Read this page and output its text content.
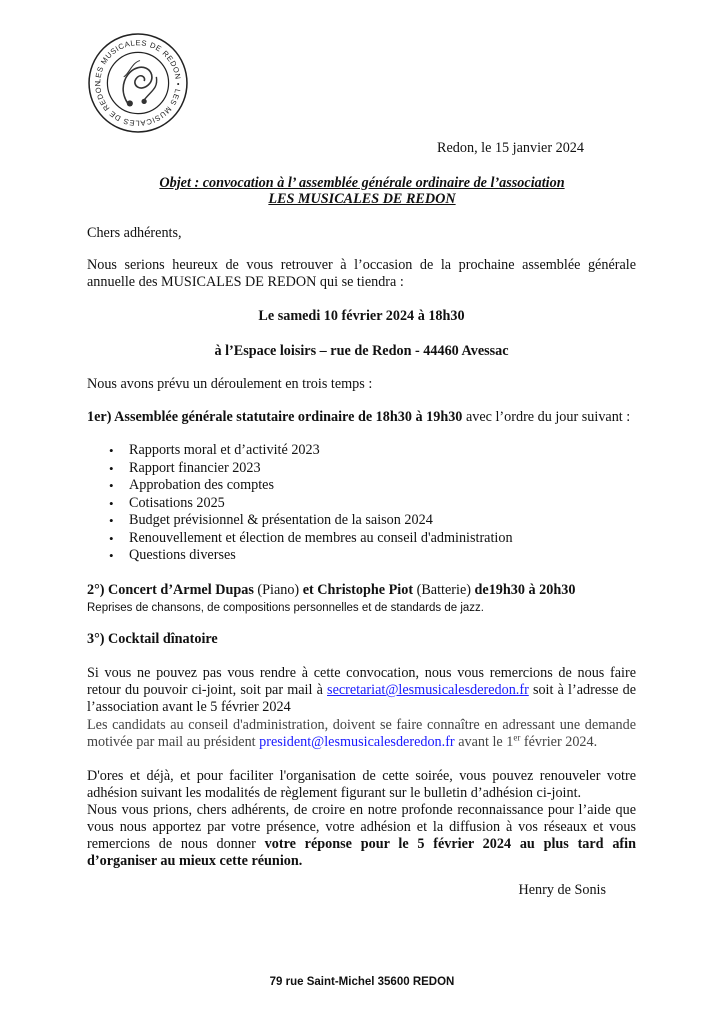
LES MUSICALES DE REDON • LES MUSICALES DE REDON
Redon, le 15 janvier 2024
Objet : convocation à l’ assemblée générale ordinaire de l’association
LES MUSICALES DE REDON
Chers adhérents,
Nous serions heureux de vous retrouver à l’occasion de la prochaine assemblée générale annuelle des MUSICALES DE REDON qui se tiendra :
Le samedi 10 février 2024 à 18h30
à l’Espace loisirs – rue de Redon - 44460 Avessac
Nous avons prévu un déroulement en trois temps :
1er) Assemblée générale statutaire ordinaire de 18h30 à 19h30 avec l’ordre du jour suivant :
• Rapports moral et d’activité 2023
• Rapport financier 2023
• Approbation des comptes
• Cotisations 2025
• Budget prévisionnel & présentation de la saison 2024
• Renouvellement et élection de membres au conseil d'administration
• Questions diverses
2°) Concert d’Armel Dupas (Piano) et Christophe Piot (Batterie) de19h30 à 20h30
Reprises de chansons, de compositions personnelles et de standards de jazz.
3°) Cocktail dînatoire
Si vous ne pouvez pas vous rendre à cette convocation, nous vous remercions de nous faire retour du pouvoir ci-joint, soit par mail à secretariat@lesmusicalesderedon.fr soit à l’adresse de l’association avant le 5 février 2024
Les candidats au conseil d'administration, doivent se faire connaître en adressant une demande motivée par mail au président president@lesmusicalesderedon.fr avant le 1er février 2024.
D'ores et déjà, et pour faciliter l'organisation de cette soirée, vous pouvez renouveler votre adhésion suivant les modalités de règlement figurant sur le bulletin d’adhésion ci-joint.
Nous vous prions, chers adhérents, de croire en notre profonde reconnaissance pour l’aide que vous nous apportez par votre présence, votre adhésion et la diffusion à vos réseaux et vous remercions de nous donner votre réponse pour le 5 février 2024 au plus tard afin d’organiser au mieux cette réunion.
Henry de Sonis
79 rue Saint-Michel 35600 REDON
